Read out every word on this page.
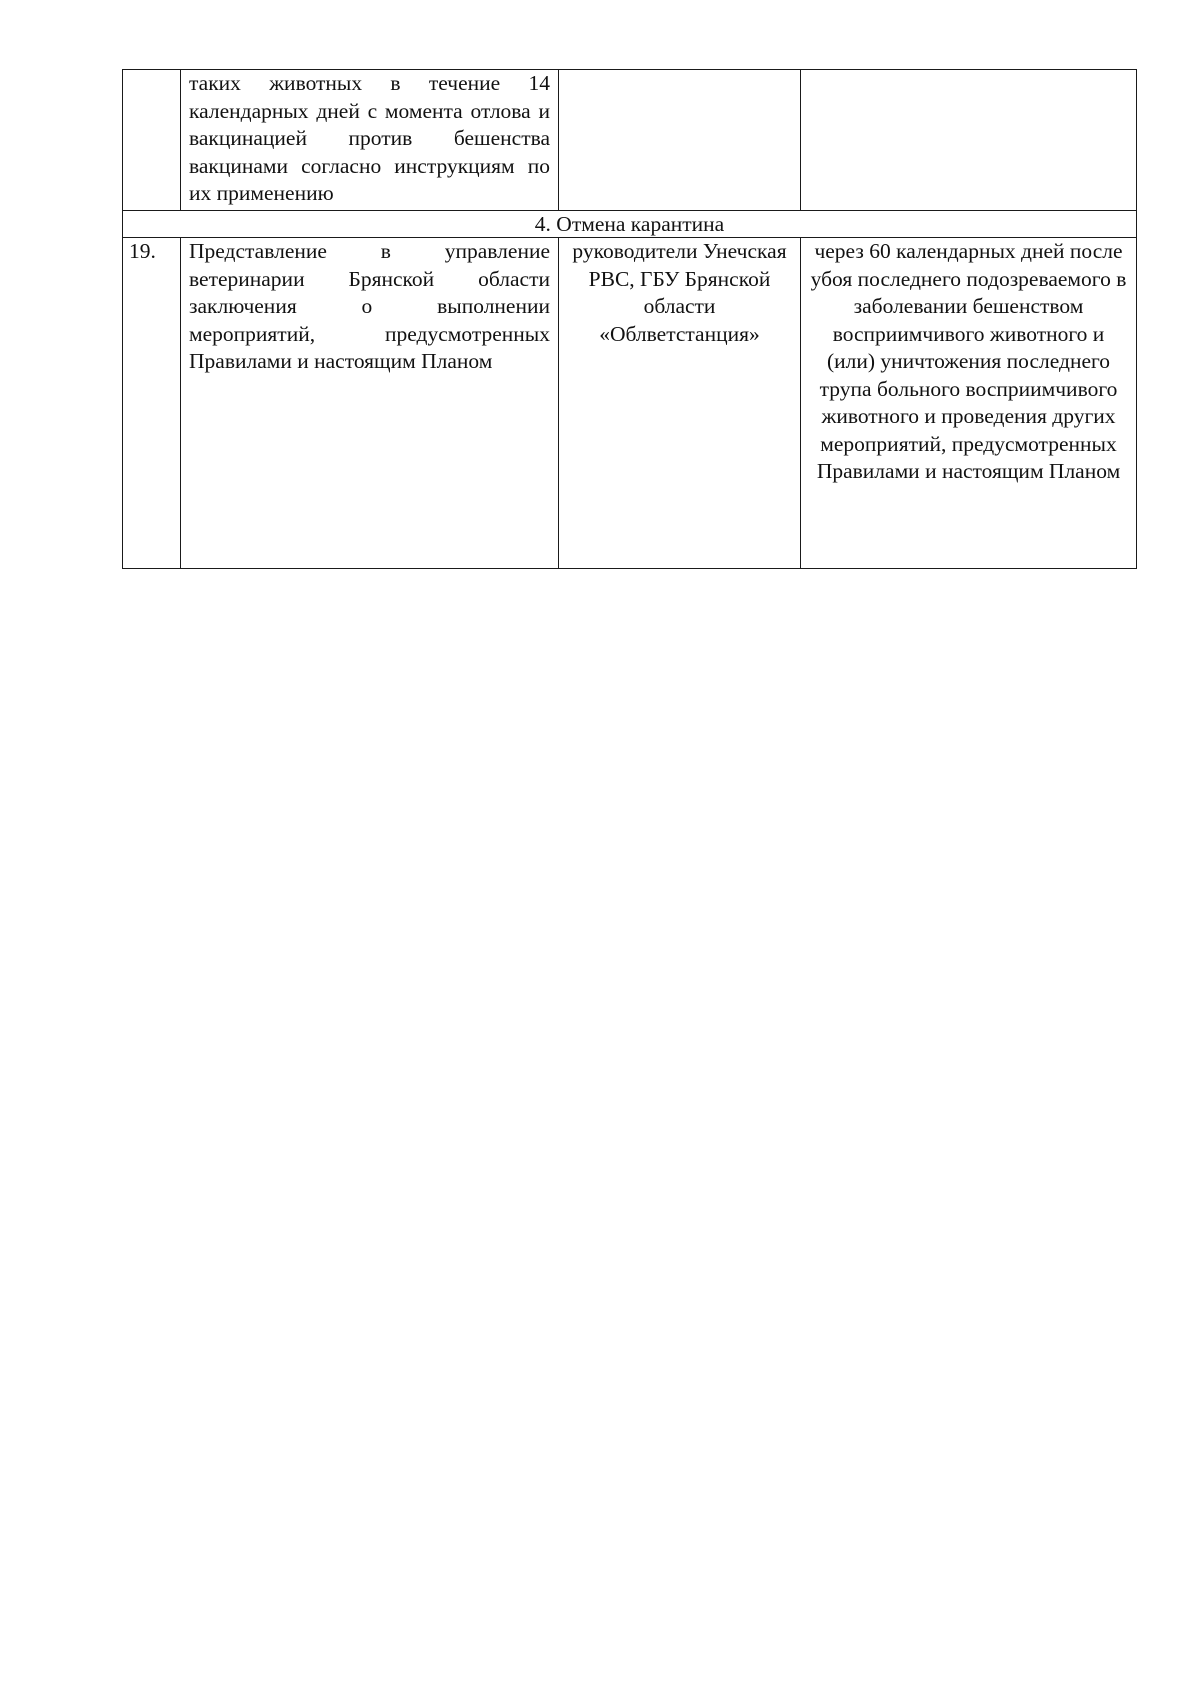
	таких животных в течение 14 календарных дней с момента отлова и вакцинацией против бешенства вакцинами согласно инструкциям по их применению		
4. Отмена карантина			
19.	Представление в управление ветеринарии Брянской области заключения о выполнении мероприятий, предусмотренных Правилами и настоящим Планом	руководители Унечская РВС, ГБУ Брянской области «Облветстанция»	через 60 календарных дней после убоя последнего подозреваемого в заболевании бешенством восприимчивого животного и (или) уничтожения последнего трупа больного восприимчивого животного и проведения других мероприятий, предусмотренных Правилами и настоящим Планом
